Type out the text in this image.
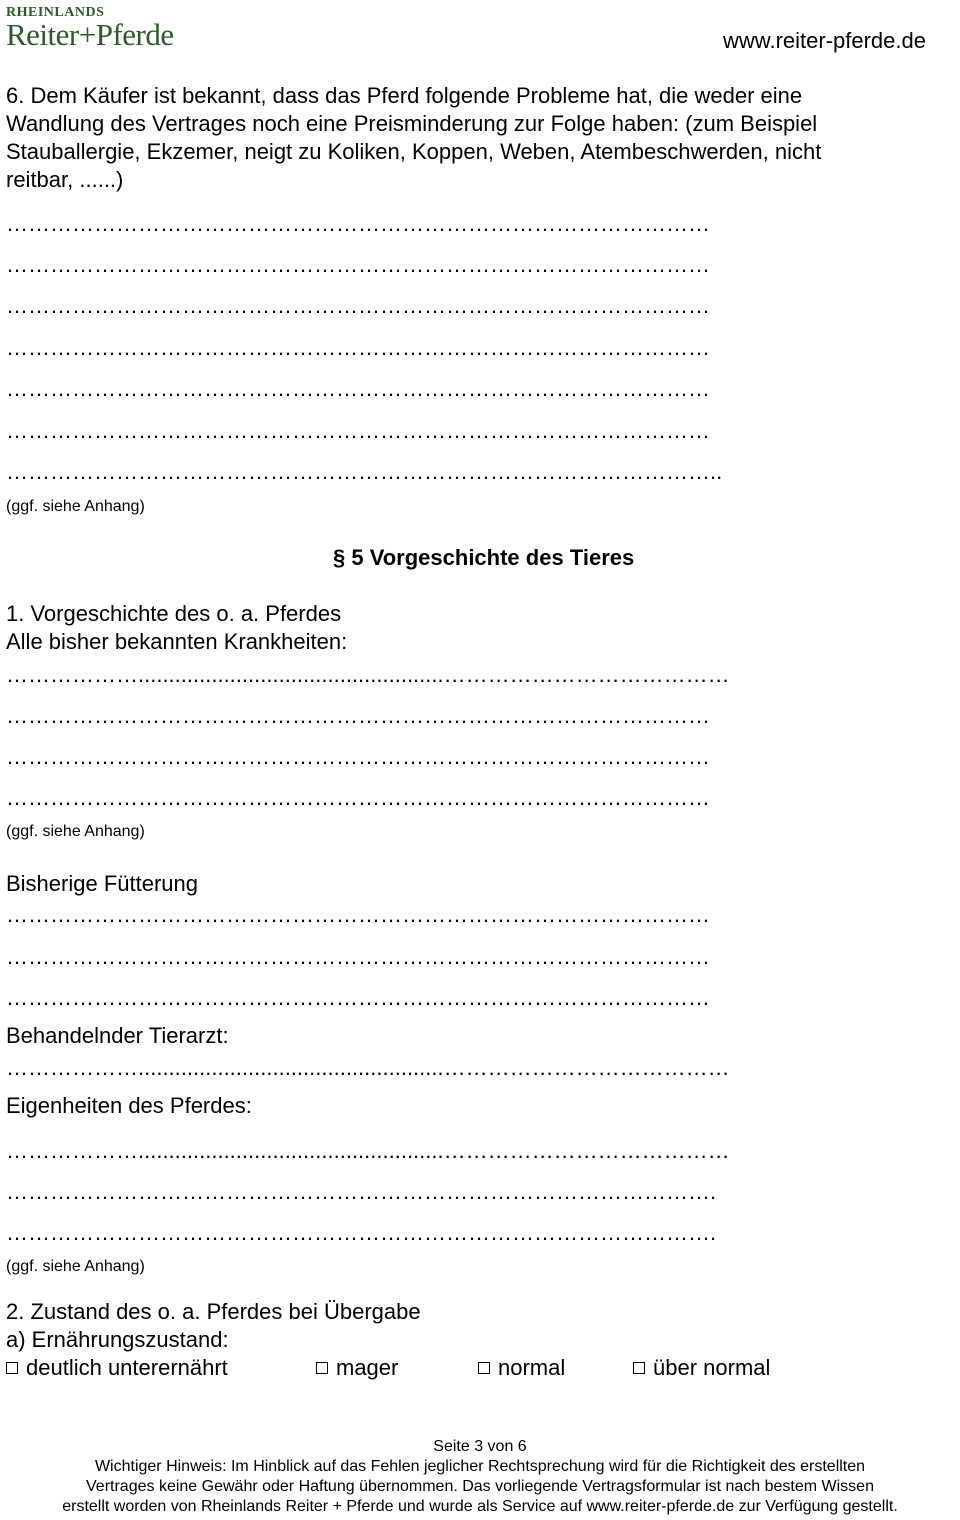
RHEINLANDS
Reiter+Pferde	www.reiter-pferde.de
6. Dem Käufer ist bekannt, dass das Pferd folgende Probleme hat, die weder eine
Wandlung des Vertrages noch eine Preisminderung zur Folge haben: (zum Beispiel
Stauballergie, Ekzemer, neigt zu Koliken, Koppen, Weben, Atembeschwerden, nicht
reitbar, ......)
……………………………………………………………………………………
……………………………………………………………………………………
……………………………………………………………………………………
……………………………………………………………………………………
……………………………………………………………………………………
……………………………………………………………………………………
……………………………………………………………………………………..
(ggf. siehe Anhang)
§ 5 Vorgeschichte des Tieres
1. Vorgeschichte des o. a. Pferdes
Alle bisher bekannten Krankheiten:
………………..................................................…………………………………
……………………………………………………………………………………
……………………………………………………………………………………
……………………………………………………………………………………
(ggf. siehe Anhang)
Bisherige Fütterung
……………………………………………………………………………………
……………………………………………………………………………………
……………………………………………………………………………………
Behandelnder Tierarzt:
………………..................................................…………………………………
Eigenheiten des Pferdes:
………………..................................................…………………………………
…………………………………………………………………………………….
…………………………………………………………………………………….
(ggf. siehe Anhang)
2. Zustand des o. a. Pferdes bei Übergabe
a) Ernährungszustand:
deutlich unterernährt	mager	normal	über normal
Seite 3 von 6
Wichtiger Hinweis: Im Hinblick auf das Fehlen jeglicher Rechtsprechung wird für die Richtigkeit des erstellten
Vertrages keine Gewähr oder Haftung übernommen. Das vorliegende Vertragsformular ist nach bestem Wissen
erstellt worden von Rheinlands Reiter + Pferde und wurde als Service auf www.reiter-pferde.de zur Verfügung gestellt.
